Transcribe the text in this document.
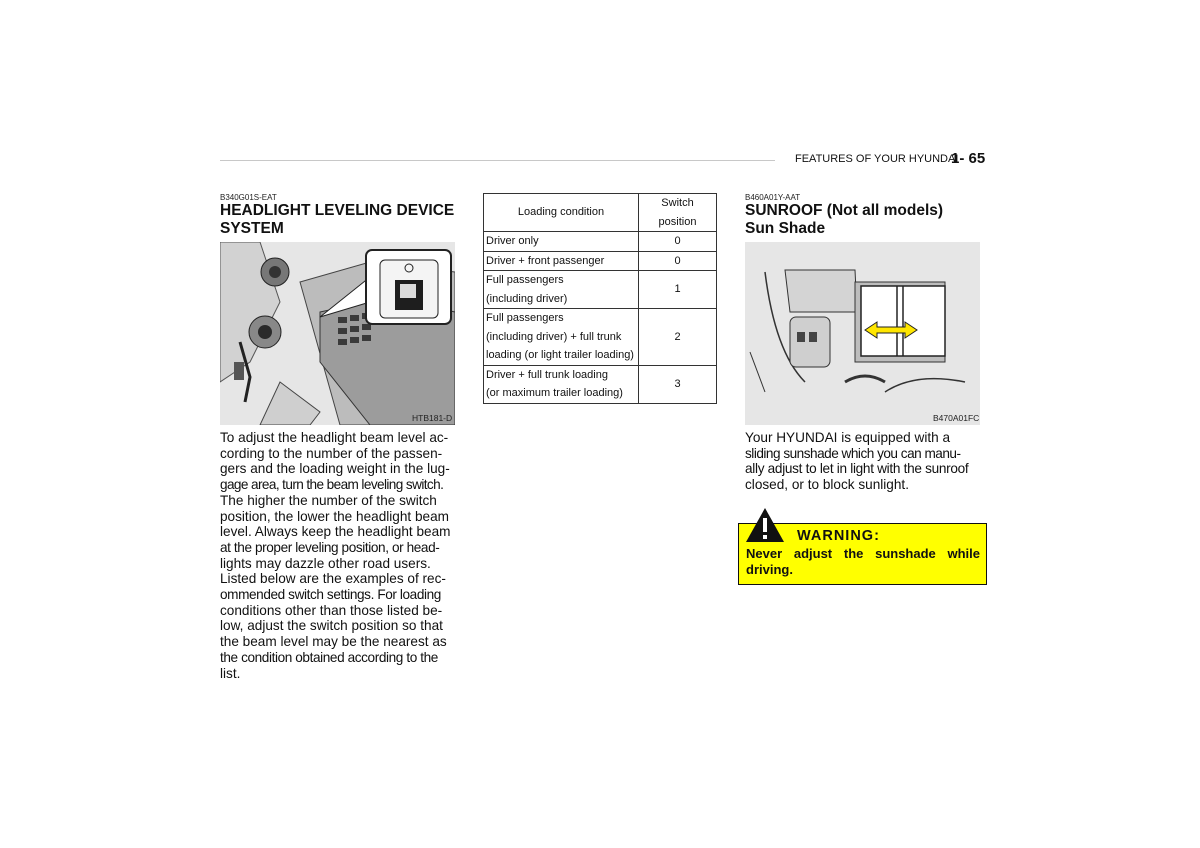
FEATURES OF YOUR HYUNDAI
1- 65
B340G01S-EAT
HEADLIGHT LEVELING DEVICE
SYSTEM
HTB181-D
To adjust the headlight beam level ac-
cording to the number of the passen-
gers and the loading weight in the lug-
gage area, turn the beam leveling switch.
The higher the number of the switch
position, the lower the headlight beam
level. Always keep the headlight beam
at the proper leveling position, or head-
lights may dazzle other road users.
Listed below are the examples of rec-
ommended switch settings. For loading
conditions other than those listed be-
low, adjust the switch position so that
the beam level may be the nearest as
the condition obtained according to the
list.
Loading condition	Switch
position

Driver only	0

Driver + front passenger	0

Full passengers
(including driver)	1

Full passengers
(including driver) + full trunk
loading (or light trailer loading)	2

Driver + full trunk loading
(or maximum trailer loading)	3
B460A01Y-AAT
SUNROOF (Not all models)
Sun Shade
B470A01FC
Your HYUNDAI is equipped with a
sliding sunshade which you can manu-
ally adjust to let in light with the sunroof
closed, or to block sunlight.
WARNING:
Never adjust the sunshade while driving.
